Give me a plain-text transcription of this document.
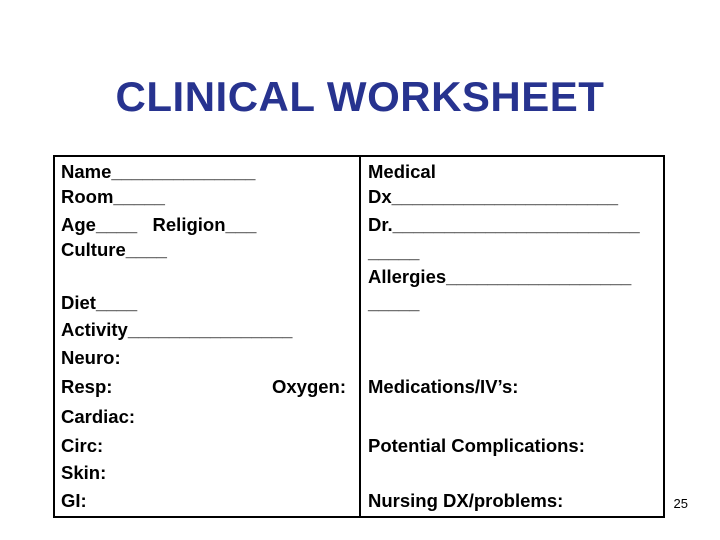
CLINICAL WORKSHEET
Name______________
Room_____
Age____   Religion___
Culture____
Diet____
Activity________________
Neuro:
Resp:	Oxygen:
Cardiac:
Circ:
Skin:
GI:
Medical
Dx______________________
Dr.________________________
_____
Allergies__________________
_____
Medications/IV’s:
Potential Complications:
Nursing DX/problems:	25
